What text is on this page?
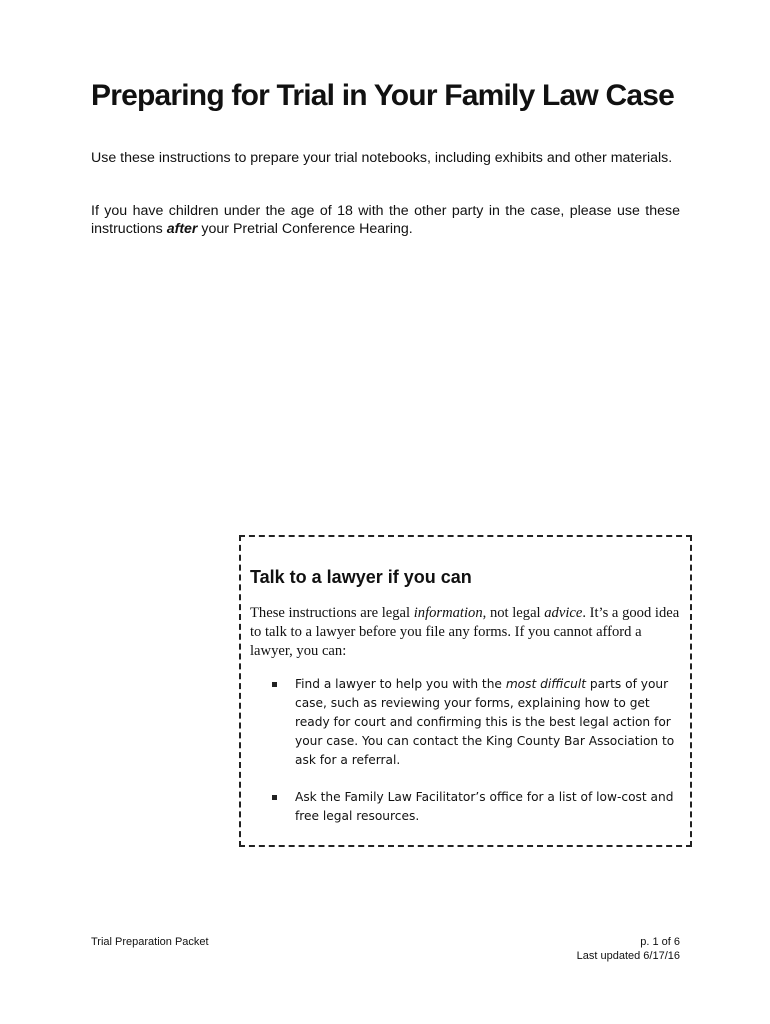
Preparing for Trial in Your Family Law Case

Use these instructions to prepare your trial notebooks, including exhibits and other materials.

If you have children under the age of 18 with the other party in the case, please use these instructions after your Pretrial Conference Hearing.

Talk to a lawyer if you can

These instructions are legal information, not legal advice. It’s a good idea to talk to a lawyer before you file any forms. If you cannot afford a lawyer, you can:

Find a lawyer to help you with the most difficult parts of your case, such as reviewing your forms, explaining how to get ready for court and confirming this is the best legal action for your case. You can contact the King County Bar Association to ask for a referral.
Ask the Family Law Facilitator’s office for a list of low-cost and free legal resources.
Trial Preparation Packet	p. 1 of 6
Last updated 6/17/16
